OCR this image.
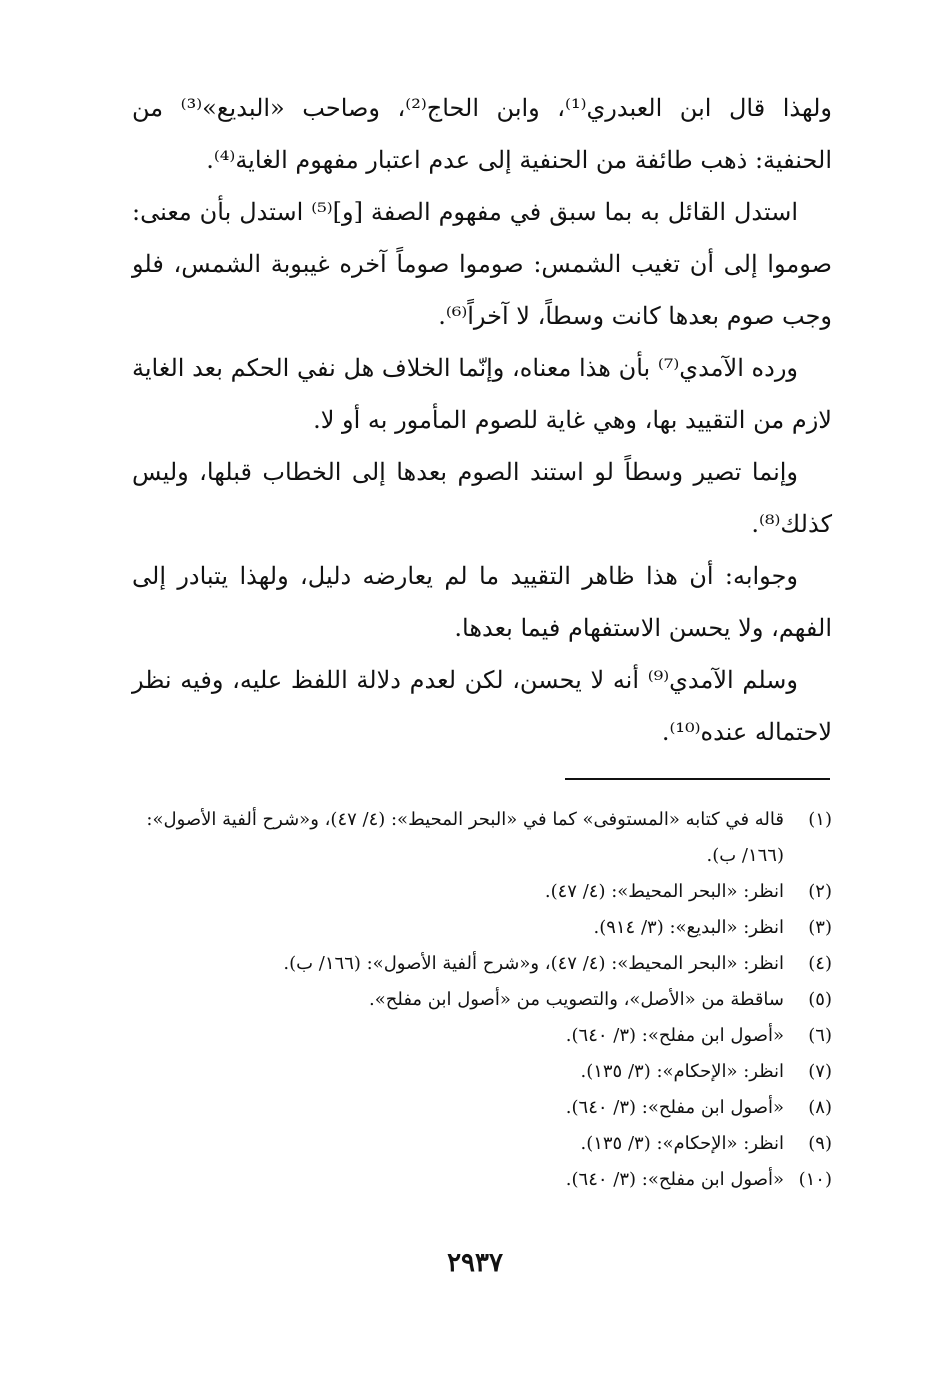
ولهذا قال ابن العبدري⁽¹⁾، وابن الحاج⁽²⁾، وصاحب «البديع»⁽³⁾ من الحنفية: ذهب طائفة من الحنفية إلى عدم اعتبار مفهوم الغاية⁽⁴⁾.

استدل القائل به بما سبق في مفهوم الصفة [و]⁽⁵⁾ استدل بأن معنى: صوموا إلى أن تغيب الشمس: صوموا صوماً آخره غيبوبة الشمس، فلو وجب صوم بعدها كانت وسطاً، لا آخراً⁽⁶⁾.

ورده الآمدي⁽⁷⁾ بأن هذا معناه، وإنّما الخلاف هل نفي الحكم بعد الغاية لازم من التقييد بها، وهي غاية للصوم المأمور به أو لا.

وإنما تصير وسطاً لو استند الصوم بعدها إلى الخطاب قبلها، وليس كذلك⁽⁸⁾.

وجوابه: أن هذا ظاهر التقييد ما لم يعارضه دليل، ولهذا يتبادر إلى الفهم، ولا يحسن الاستفهام فيما بعدها.

وسلم الآمدي⁽⁹⁾ أنه لا يحسن، لكن لعدم دلالة اللفظ عليه، وفيه نظر لاحتماله عنده⁽¹⁰⁾.

(١)
قاله في كتابه «المستوفى» كما في «البحر المحيط»: (٤/ ٤٧)، و«شرح ألفية الأصول»: (١٦٦/ ب).
(٢)
انظر: «البحر المحيط»: (٤/ ٤٧).
(٣)
انظر: «البديع»: (٣/ ٩١٤).
(٤)
انظر: «البحر المحيط»: (٤/ ٤٧)، و«شرح ألفية الأصول»: (١٦٦/ ب).
(٥)
ساقطة من «الأصل»، والتصويب من «أصول ابن مفلح».
(٦)
«أصول ابن مفلح»: (٣/ ٦٤٠).
(٧)
انظر: «الإحكام»: (٣/ ١٣٥).
(٨)
«أصول ابن مفلح»: (٣/ ٦٤٠).
(٩)
انظر: «الإحكام»: (٣/ ١٣٥).
(١٠)
«أصول ابن مفلح»: (٣/ ٦٤٠).
٢٩٣٧
